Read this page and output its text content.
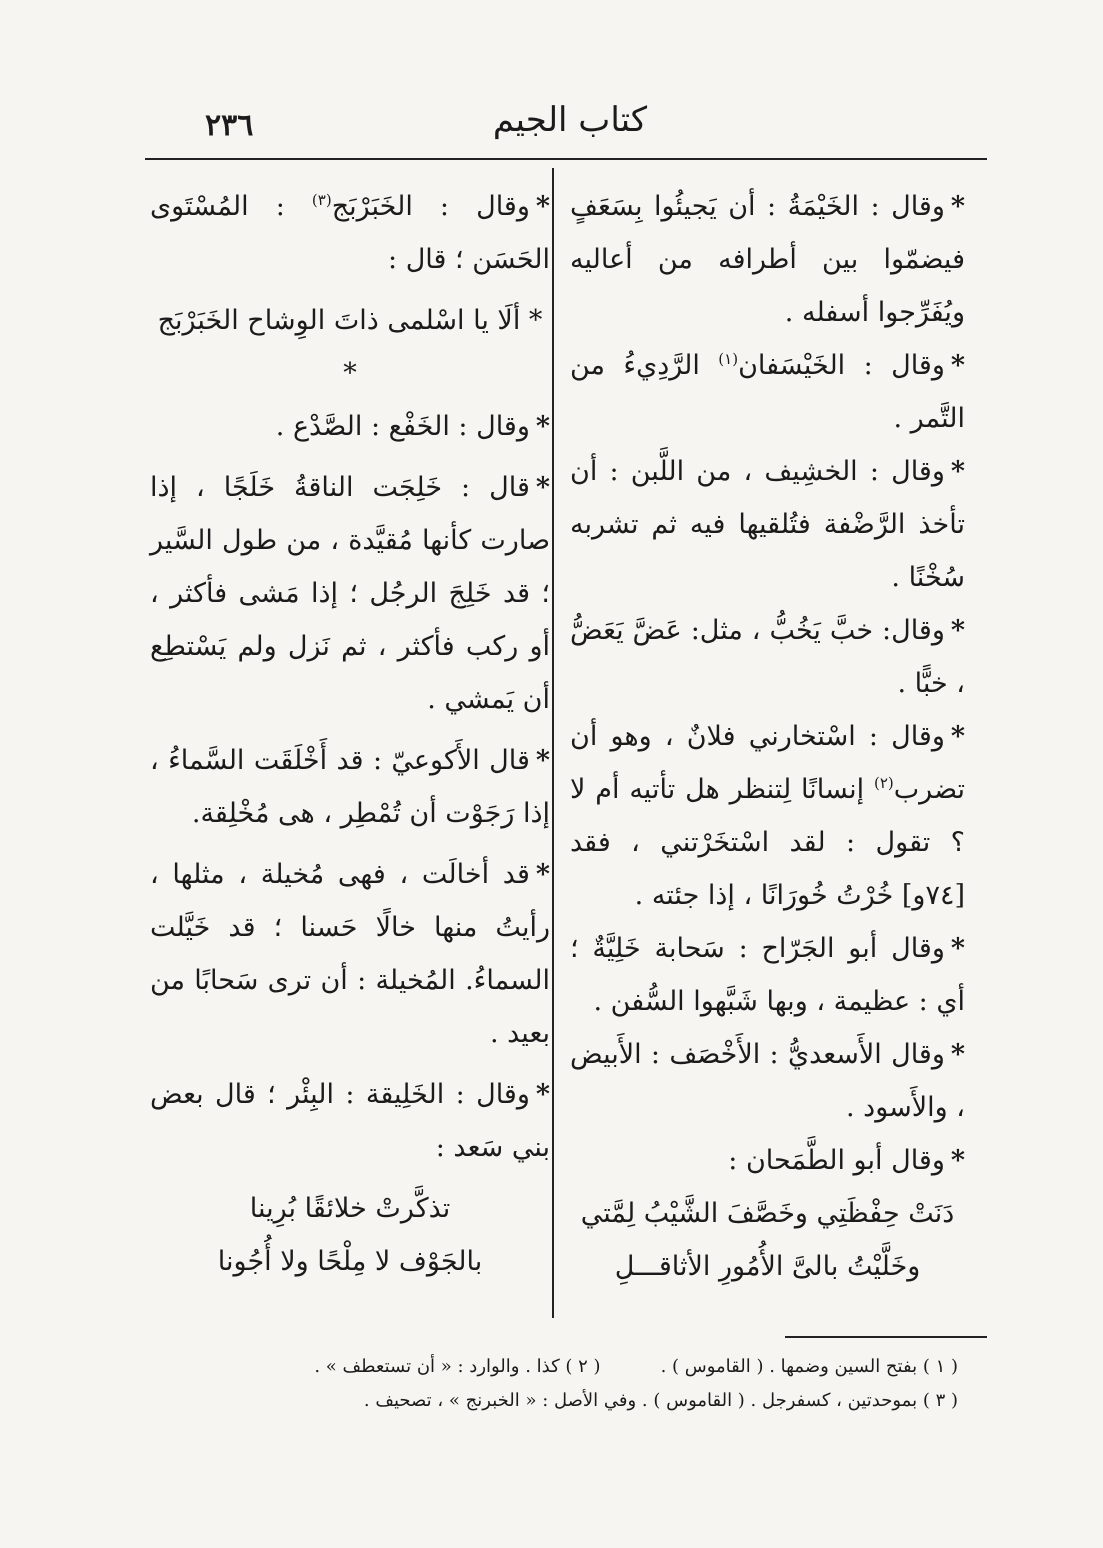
٢٣٦	كتاب الجيم
*وقال : الخَيْمَةُ : أن يَجيئُوا بِسَعَفٍ فيضمّوا بين أطرافه من أعاليه ويُفَرِّجوا أسفله .
*وقال : الخَيْسَفان$^{(١)}$ الرَّدِيءُ من التَّمر .
*وقال : الخشِيف ، من اللَّبن : أن تأخذ الرَّضْفة فتُلقيها فيه ثم تشربه سُخْنًا .
*وقال: خبَّ يَخُبُّ ، مثل: عَضَّ يَعَضُّ ، خبًّا .
*وقال : اسْتخارني فلانٌ ، وهو أن تضرب$^{(٢)}$ إنسانًا لِتنظر هل تأتيه أم لا ؟ تقول : لقد اسْتخَرْتني ، فقد [٧٤و] خُرْتُ خُورَانًا ، إذا جئته .
*وقال أبو الجَرّاح : سَحابة خَلِيَّةٌ ؛ أي : عظيمة ، وبها شَبَّهوا السُّفن .
*وقال الأَسعديُّ : الأَخْصَف : الأَبيض ، والأَسود .
*وقال أبو الطَّمَحان :
دَنَتْ حِفْظَتِي وخَصَّفَ الشَّيْبُ لِمَّتي
وخَلَّيْتُ بالىَّ الأُمُورِ الأثاقـــلِ
*وقال : الخَبَرْبَج$^{(٣)}$ : المُسْتَوى الحَسَن ؛ قال :
* ألَا يا اسْلمى ذاتَ الوِشاح الخَبَرْبَج *
*وقال : الخَفْع : الصَّدْع .
*قال : خَلِجَت الناقةُ خَلَجًا ، إذا صارت كأنها مُقيَّدة ، من طول السَّير ؛ قد خَلِجَ الرجُل ؛ إذا مَشى فأكثر ، أو ركب فأكثر ، ثم نَزل ولم يَسْتطِع أن يَمشي .
*قال الأَكوعيّ : قد أَخْلَقَت السَّماءُ ، إذا رَجَوْت أن تُمْطِر ، هى مُخْلِقة.
*قد أخالَت ، فهى مُخيلة ، مثلها ، رأيتُ منها خالًا حَسنا ؛ قد خَيَّلت السماءُ. المُخيلة : أن ترى سَحابًا من بعيد .
*وقال : الخَلِيقة : البِئْر ؛ قال بعض بني سَعد :
تذكَّرتْ خلائقًا بُرِينا
بالجَوْف لا مِلْحًا ولا أُجُونا
( ١ ) بفتح السين وضمها . ( القاموس ) .( ٢ ) كذا . والوارد : « أن تستعطف » .
( ٣ ) بموحدتين ، كسفرجل . ( القاموس ) . وفي الأصل : « الخبرنج » ، تصحيف .
